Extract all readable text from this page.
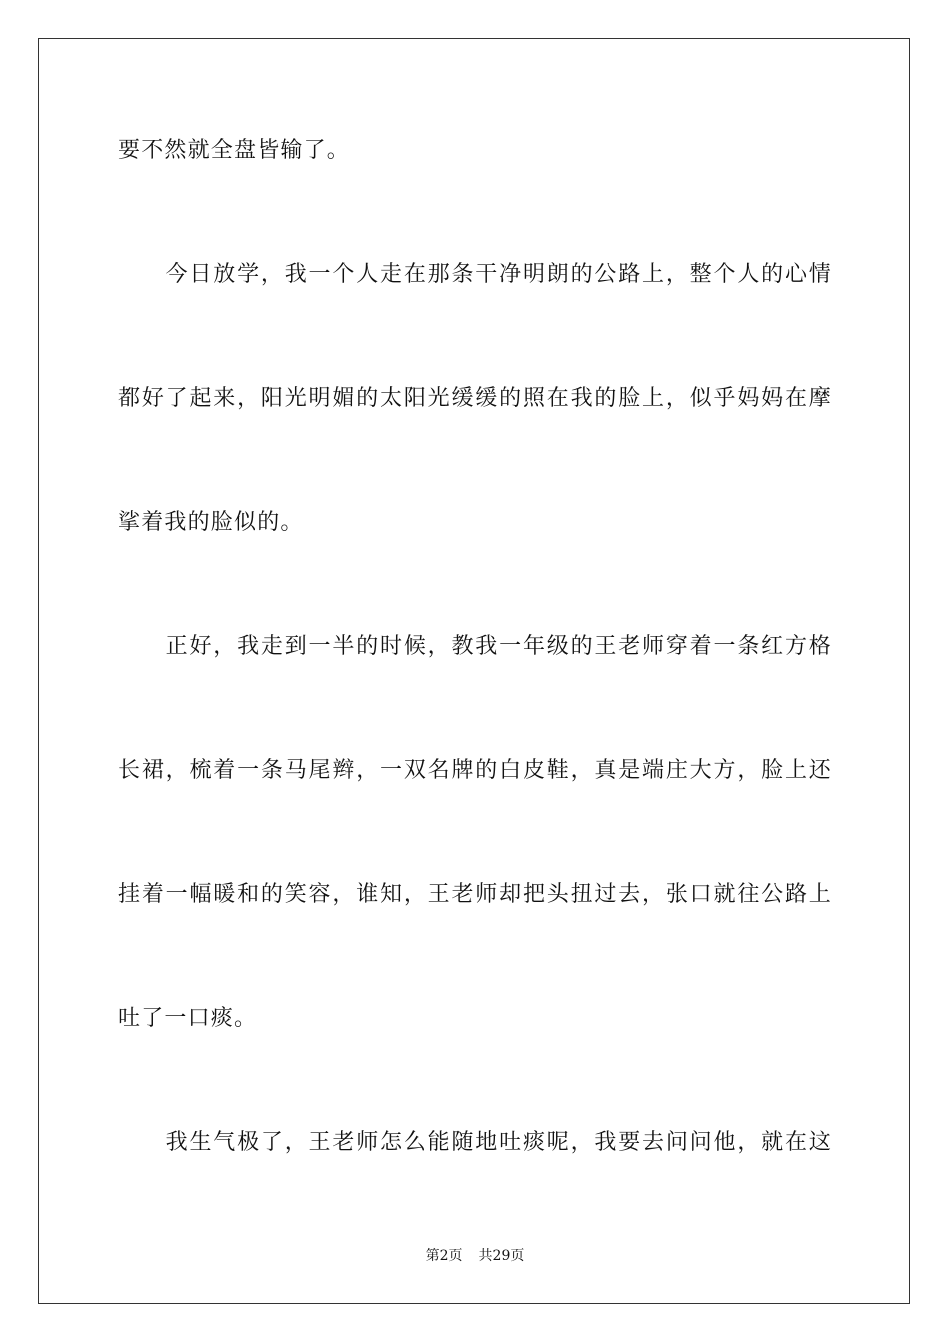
要不然就全盘皆输了。
　　今日放学，我一个人走在那条干净明朗的公路上，整个人的心情
都好了起来，阳光明媚的太阳光缓缓的照在我的脸上，似乎妈妈在摩
挲着我的脸似的。
　　正好，我走到一半的时候，教我一年级的王老师穿着一条红方格
长裙，梳着一条马尾辫，一双名牌的白皮鞋，真是端庄大方，脸上还
挂着一幅暖和的笑容，谁知，王老师却把头扭过去，张口就往公路上
吐了一口痰。
　　我生气极了，王老师怎么能随地吐痰呢，我要去问问他，就在这
第2页 共29页
